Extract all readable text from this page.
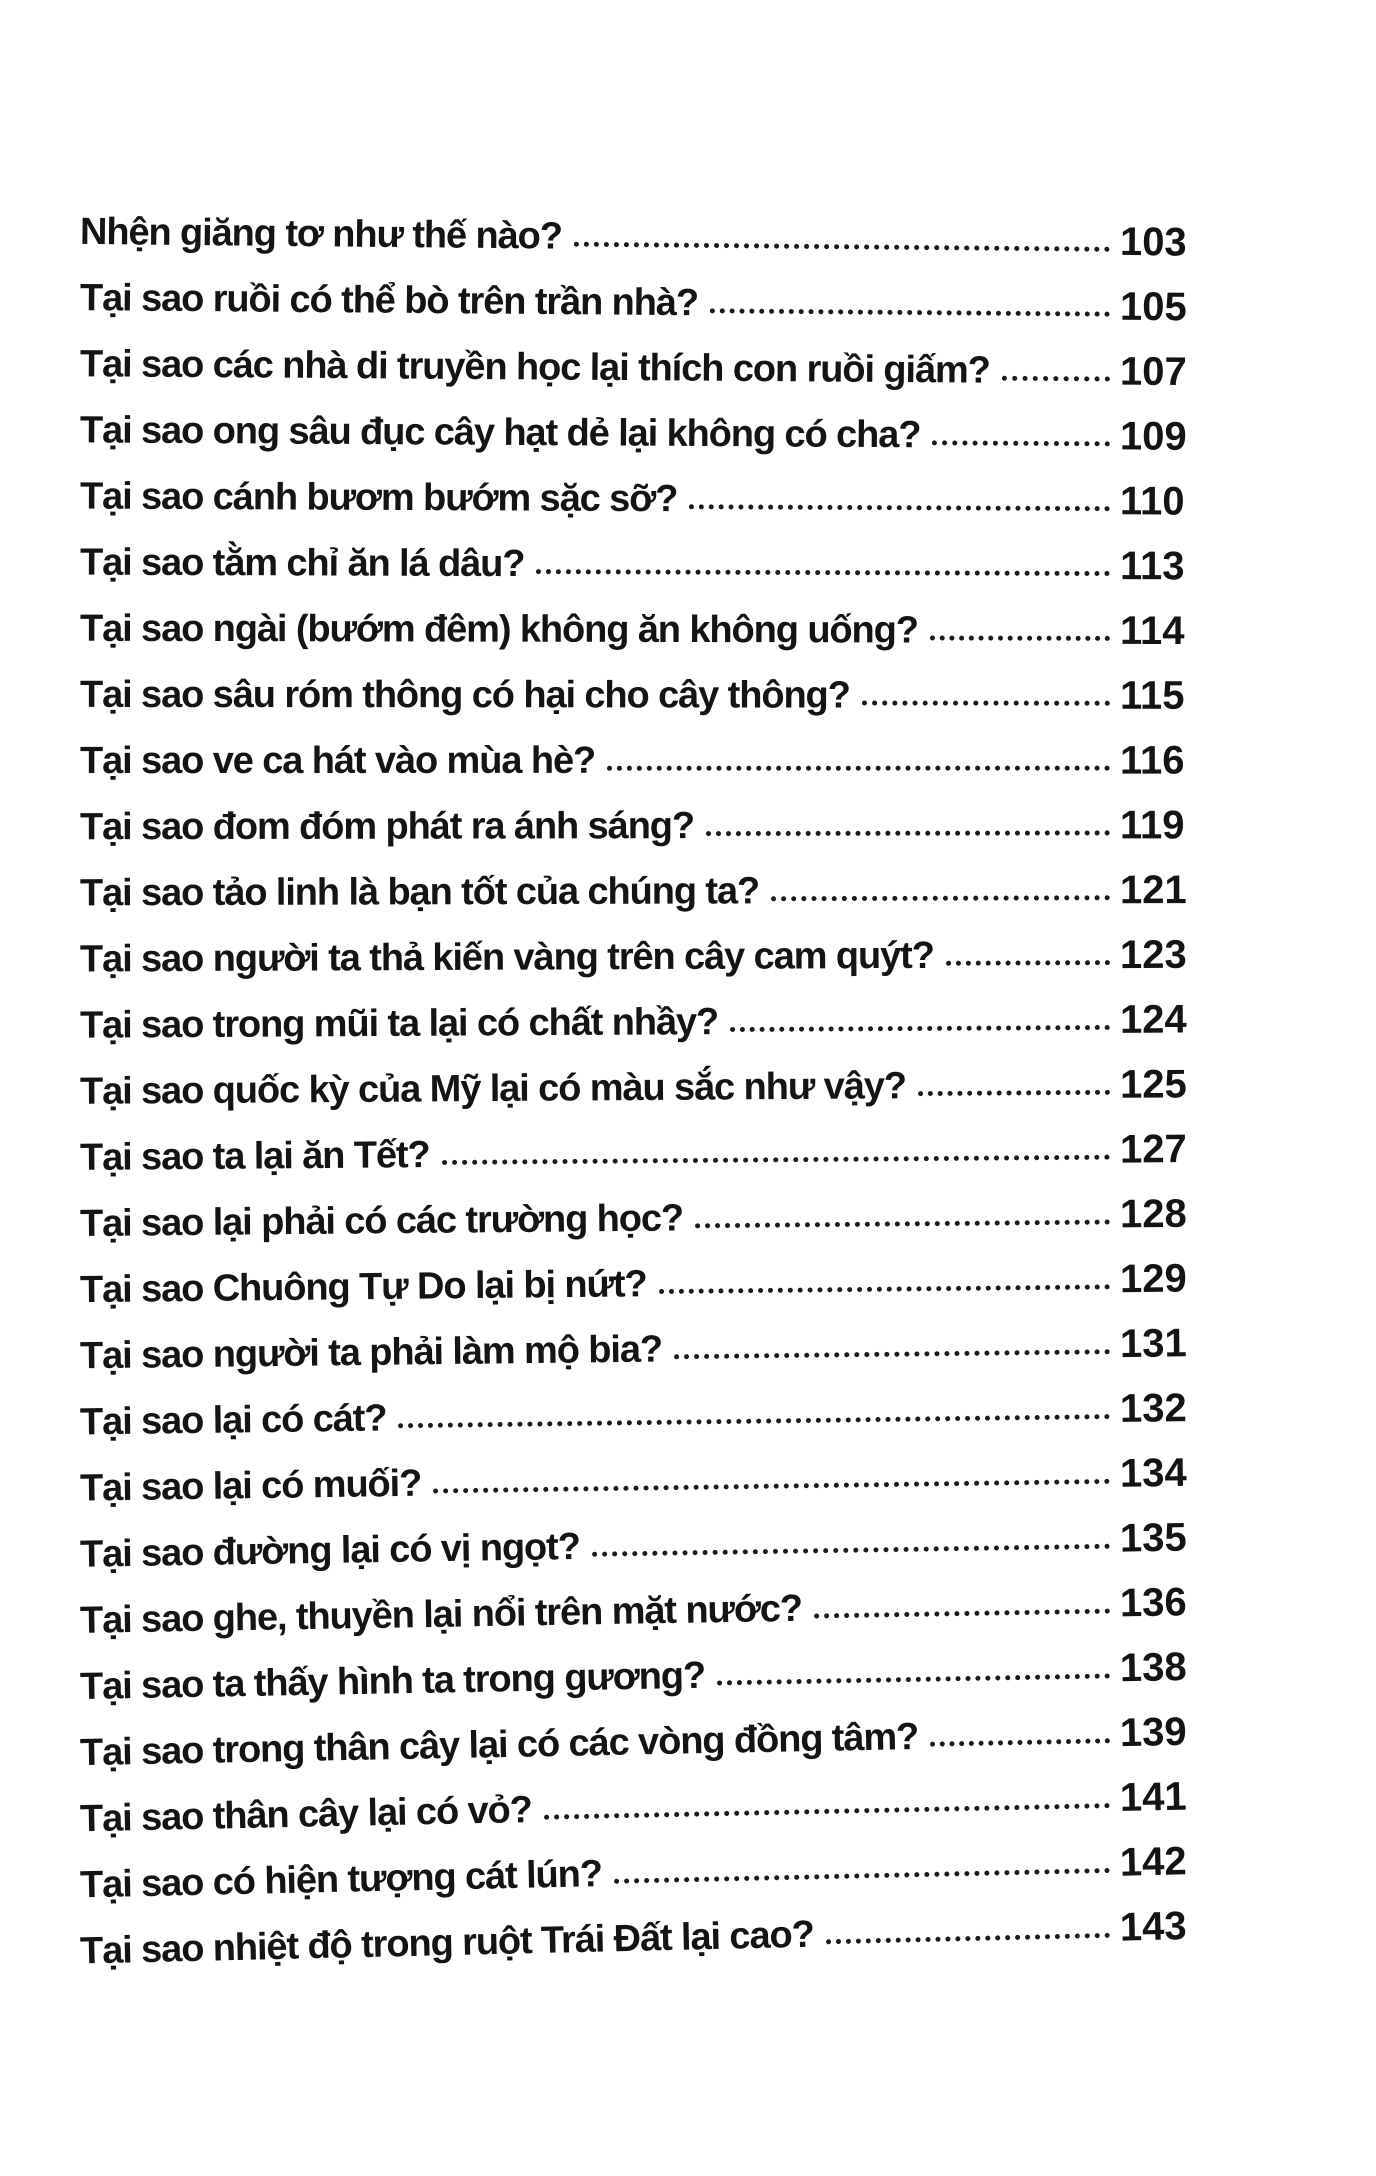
Nhện giăng tơ như thế nào?	103
Tại sao ruồi có thể bò trên trần nhà?	105
Tại sao các nhà di truyền học lại thích con ruồi giấm?	107
Tại sao ong sâu đục cây hạt dẻ lại không có cha?	109
Tại sao cánh bươm bướm sặc sỡ?	110
Tại sao tằm chỉ ăn lá dâu?	113
Tại sao ngài (bướm đêm) không ăn không uống?	114
Tại sao sâu róm thông có hại cho cây thông?	115
Tại sao ve ca hát vào mùa hè?	116
Tại sao đom đóm phát ra ánh sáng?	119
Tại sao tảo linh là bạn tốt của chúng ta?	121
Tại sao người ta thả kiến vàng trên cây cam quýt?	123
Tại sao trong mũi ta lại có chất nhầy?	124
Tại sao quốc kỳ của Mỹ lại có màu sắc như vậy?	125
Tại sao ta lại ăn Tết?	127
Tại sao lại phải có các trường học?	128
Tại sao Chuông Tự Do lại bị nứt?	129
Tại sao người ta phải làm mộ bia?	131
Tại sao lại có cát?	132
Tại sao lại có muối?	134
Tại sao đường lại có vị ngọt?	135
Tại sao ghe, thuyền lại nổi trên mặt nước?	136
Tại sao ta thấy hình ta trong gương?	138
Tại sao trong thân cây lại có các vòng đồng tâm?	139
Tại sao thân cây lại có vỏ?	141
Tại sao có hiện tượng cát lún?	142
Tại sao nhiệt độ trong ruột Trái Đất lại cao?	143
